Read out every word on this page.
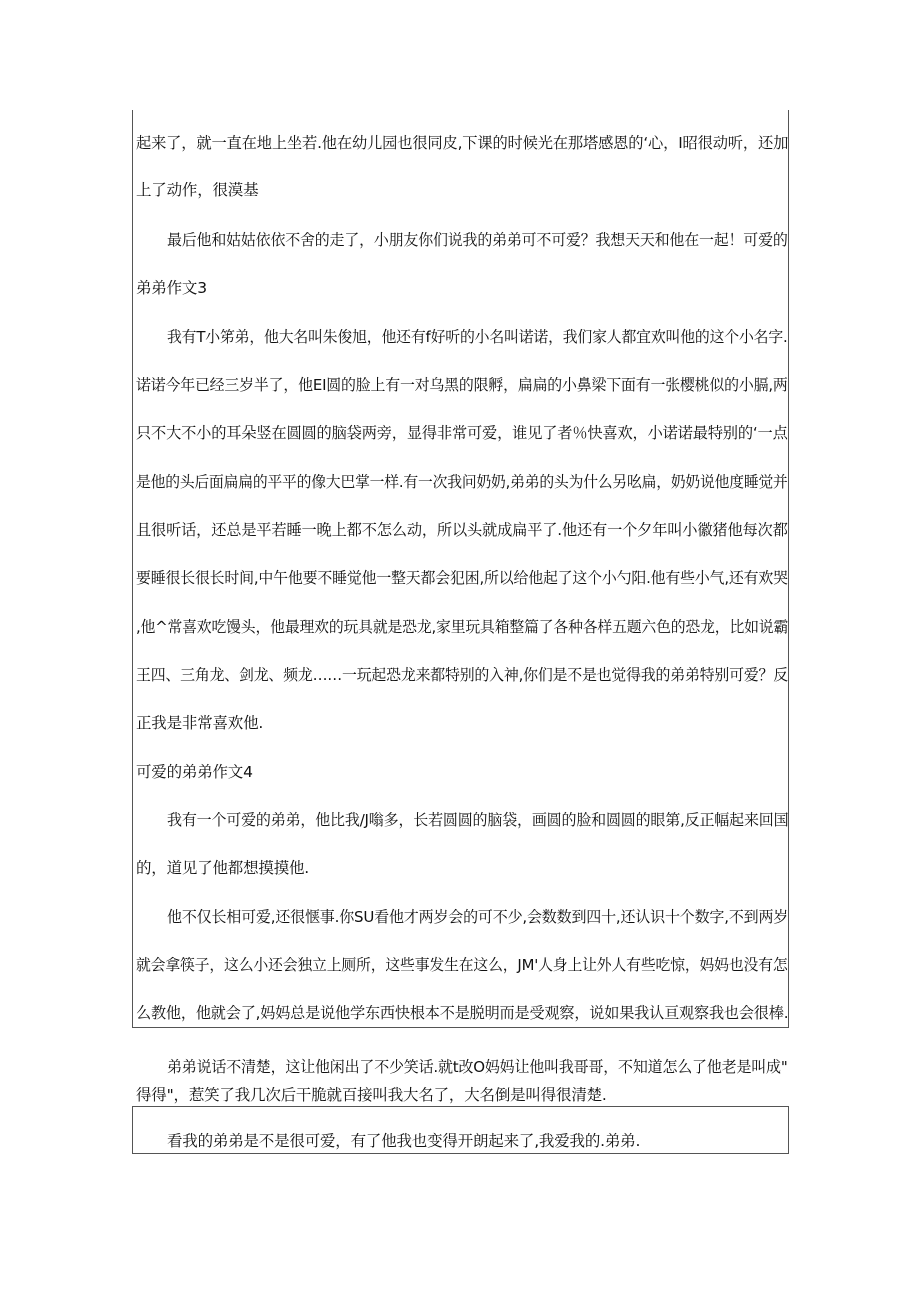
起来了，就一直在地上坐若.他在幼儿园也很同皮,下课的时候光在那塔感恩的‘心，I昭很动听，还加
上了动作，很漠基
最后他和姑姑依依不舍的走了，小朋友你们说我的弟弟可不可爱？我想天天和他在一起！可爱的
弟弟作文3
我有T小笫弟，他大名叫朱俊旭，他还有f好听的小名叫诺诺，我们家人都宜欢叫他的这个小名字.
诺诺今年已经三岁半了，他EI圆的脸上有一对乌黑的限孵，扁扁的小鼻梁下面有一张樱桃似的小膈,两
只不大不小的耳朵竖在圆圆的脑袋两旁，显得非常可爱，谁见了者％快喜欢，小诺诺最特别的‘一点
是他的头后面扁扁的平平的像大巴掌一样.有一次我问奶奶,弟弟的头为什么另吆扁，奶奶说他度睡觉并
且很听话，还总是平若睡一晚上都不怎么动，所以头就成扁平了.他还有一个夕年叫小徽猪他每次都
要睡很长很长时间,中午他要不睡觉他一整天都会犯困,所以给他起了这个小勺阳.他有些小气,还有欢哭
,他^常喜欢吃馒头，他最理欢的玩具就是恐龙,家里玩具箱整篇了各种各样五题六色的恐龙，比如说霸
王四、三角龙、剑龙、频龙……一玩起恐龙来都特别的入神,你们是不是也觉得我的弟弟特别可爱？反
正我是非常喜欢他.
可爱的弟弟作文4
我有一个可爱的弟弟，他比我/J嗡多，长若圆圆的脑袋，画圆的脸和圆圆的眼第,反正幅起来回国
的，道见了他都想摸摸他.
他不仅长相可爱,还很惬事.你SU看他才两岁会的可不少,会数数到四十,还认识十个数字,不到两岁
就会拿筷子，这么小还会独立上厕所，这些事发生在这么，JM'人身上让外人有些吃惊，妈妈也没有怎
么教他，他就会了,妈妈总是说他学东西快根本不是脱明而是受观察，说如果我认亘观察我也会很棒.
弟弟说话不清楚，这让他闲出了不少笑话.就t改O妈妈让他叫我哥哥，不知道怎么了他老是叫成"
得得"，惹笑了我几次后干脆就百接叫我大名了，大名倒是叫得很清楚.
看我的弟弟是不是很可爱，有了他我也变得开朗起来了,我爱我的.弟弟.
